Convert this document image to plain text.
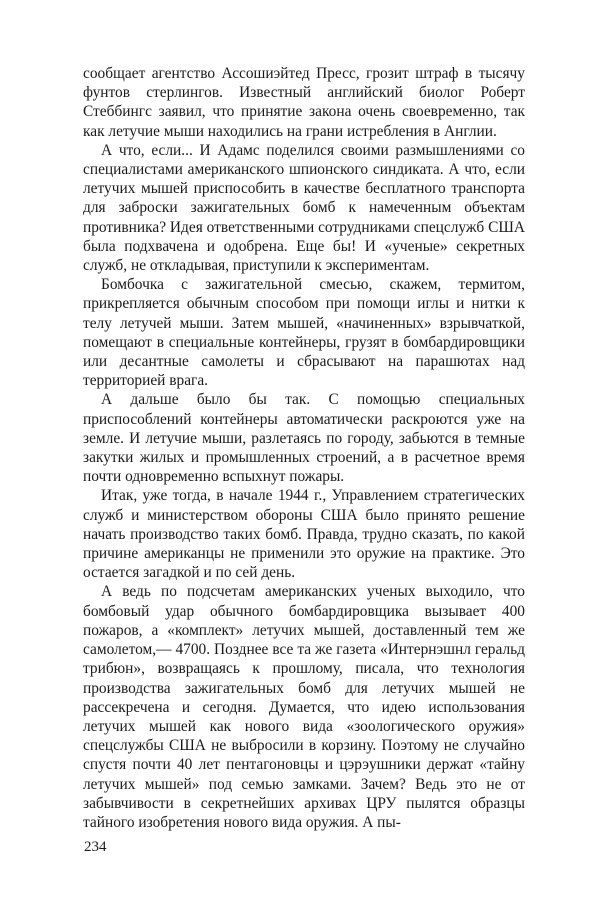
сообщает агентство Ассошиэйтед Пресс, грозит штраф в тысячу фунтов стерлингов. Известный английский биолог Роберт Стеббингс заявил, что принятие закона очень своевременно, так как летучие мыши находились на грани истребления в Англии.

А что, если... И Адамс поделился своими размышлениями со специалистами американского шпионского синдиката. А что, если летучих мышей приспособить в качестве бесплатного транспорта для заброски зажигательных бомб к намеченным объектам противника? Идея ответственными сотрудниками спецслужб США была подхвачена и одобрена. Еще бы! И «ученые» секретных служб, не откладывая, приступили к экспериментам.

Бомбочка с зажигательной смесью, скажем, термитом, прикрепляется обычным способом при помощи иглы и нитки к телу летучей мыши. Затем мышей, «начиненных» взрывчаткой, помещают в специальные контейнеры, грузят в бомбардировщики или десантные самолеты и сбрасывают на парашютах над территорией врага.

А дальше было бы так. С помощью специальных приспособлений контейнеры автоматически раскроются уже на земле. И летучие мыши, разлетаясь по городу, забьются в темные закутки жилых и промышленных строений, а в расчетное время почти одновременно вспыхнут пожары.

Итак, уже тогда, в начале 1944 г., Управлением стратегических служб и министерством обороны США было принято решение начать производство таких бомб. Правда, трудно сказать, по какой причине американцы не применили это оружие на практике. Это остается загадкой и по сей день.

А ведь по подсчетам американских ученых выходило, что бомбовый удар обычного бомбардировщика вызывает 400 пожаров, а «комплект» летучих мышей, доставленный тем же самолетом,— 4700. Позднее все та же газета «Интернэшнл геральд трибюн», возвращаясь к прошлому, писала, что технология производства зажигательных бомб для летучих мышей не рассекречена и сегодня. Думается, что идею использования летучих мышей как нового вида «зоологического оружия» спецслужбы США не выбросили в корзину. Поэтому не случайно спустя почти 40 лет пентагоновцы и цэрэушники держат «тайну летучих мышей» под семью замками. Зачем? Ведь это не от забывчивости в секретнейших архивах ЦРУ пылятся образцы тайного изобретения нового вида оружия. А пы-

234
